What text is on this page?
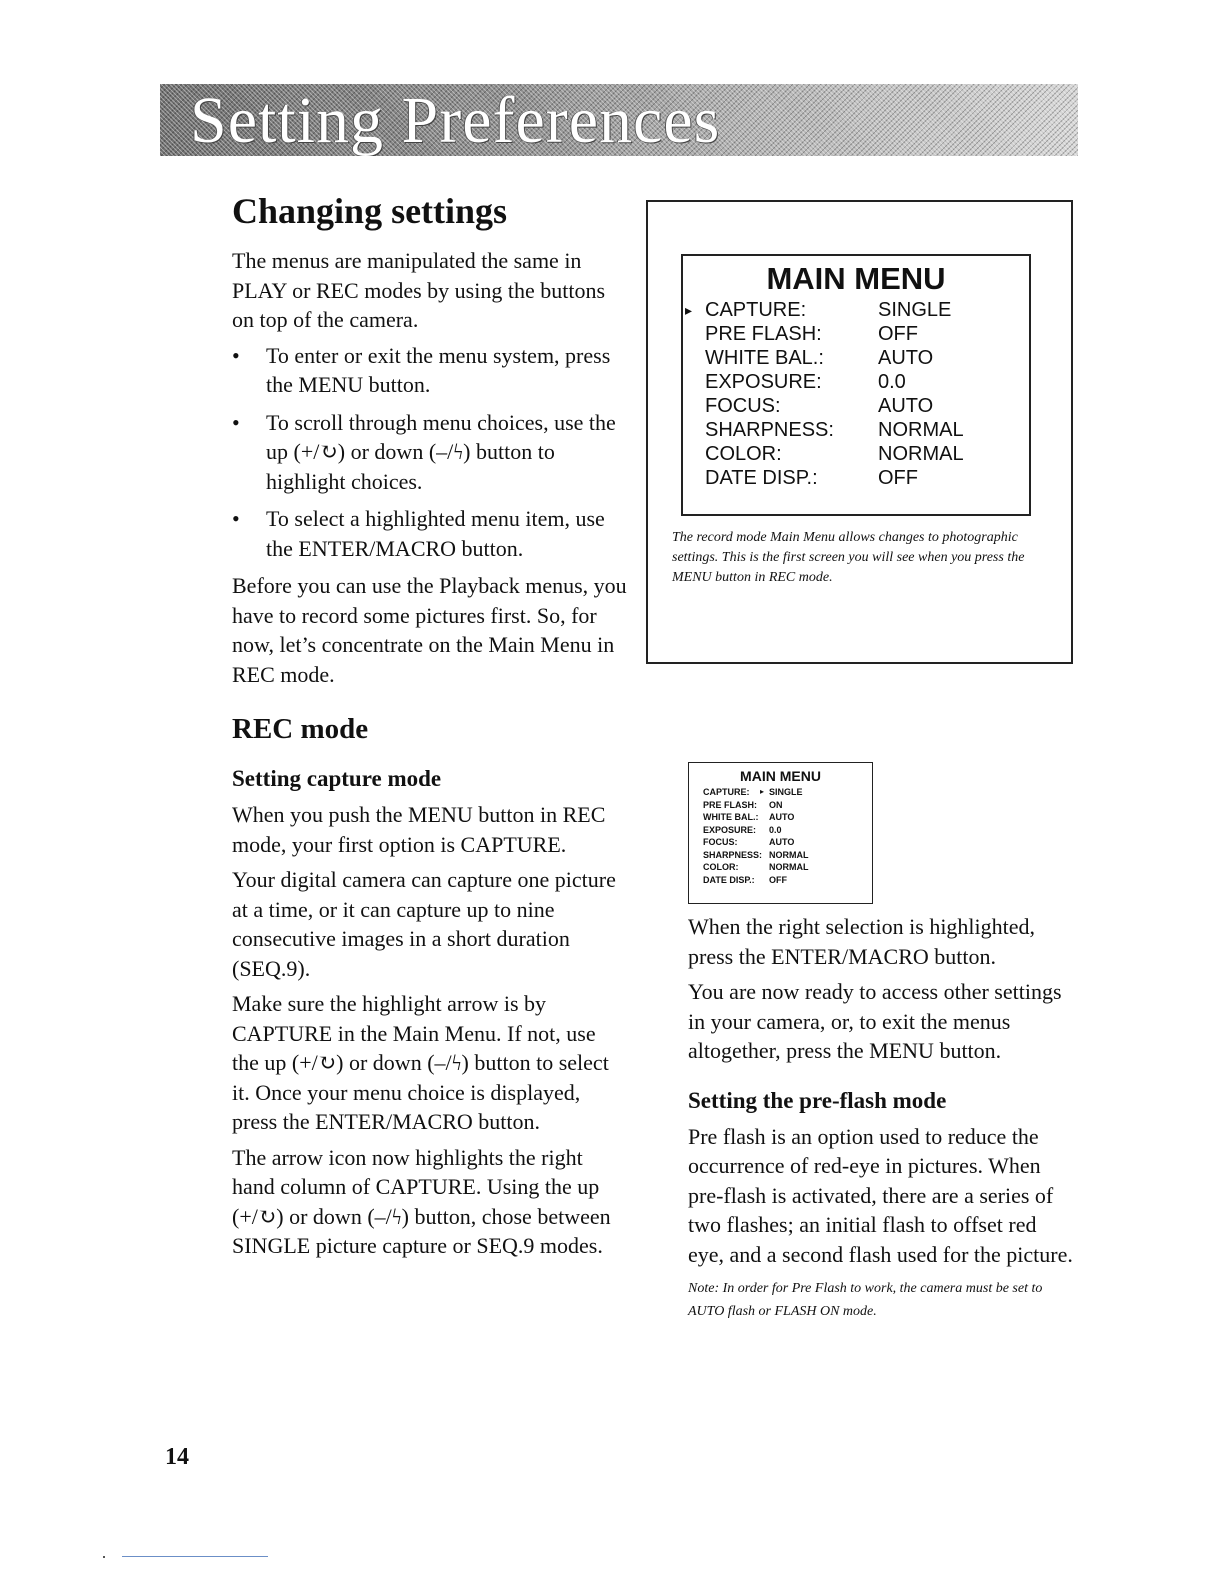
Setting Preferences
Changing settings
The menus are manipulated the same in PLAY or REC modes by using the buttons on top of the camera.
• To enter or exit the menu system, press the MENU button.
• To scroll through menu choices, use the up (+/↻) or down (–/ϟ) button to highlight choices.
• To select a highlighted menu item, use the ENTER/MACRO button.
Before you can use the Playback menus, you have to record some pictures first. So, for now, let’s concentrate on the Main Menu in REC mode.
REC mode
Setting capture mode
When you push the MENU button in REC mode, your first option is CAPTURE.
Your digital camera can capture one picture at a time, or it can capture up to nine consecutive images in a short duration (SEQ.9).
Make sure the highlight arrow is by CAPTURE in the Main Menu. If not, use the up (+/↻) or down (–/ϟ) button to select it. Once your menu choice is displayed, press the ENTER/MACRO button.
The arrow icon now highlights the right hand column of CAPTURE. Using the up (+/↻) or down (–/ϟ) button, chose between SINGLE picture capture or SEQ.9 modes.
MAIN MENU
▸ CAPTURE:	SINGLE
PRE FLASH:	OFF
WHITE BAL.:	AUTO
EXPOSURE:	0.0
FOCUS:	AUTO
SHARPNESS: NORMAL
COLOR:	NORMAL
DATE DISP.:	OFF
The record mode Main Menu allows changes to photographic settings. This is the first screen you will see when you press the MENU button in REC mode.
MAIN MENU
CAPTURE: ▸ SINGLE
PRE FLASH: ON
WHITE BAL.: AUTO
EXPOSURE: 0.0
FOCUS:	AUTO
SHARPNESS: NORMAL
COLOR:	NORMAL
DATE DISP.: OFF
When the right selection is highlighted, press the ENTER/MACRO button.
You are now ready to access other settings in your camera, or, to exit the menus altogether, press the MENU button.
Setting the pre-flash mode
Pre flash is an option used to reduce the occurrence of red-eye in pictures. When pre-flash is activated, there are a series of two flashes; an initial flash to offset red eye, and a second flash used for the picture.
Note: In order for Pre Flash to work, the camera must be set to AUTO flash or FLASH ON mode.
14
